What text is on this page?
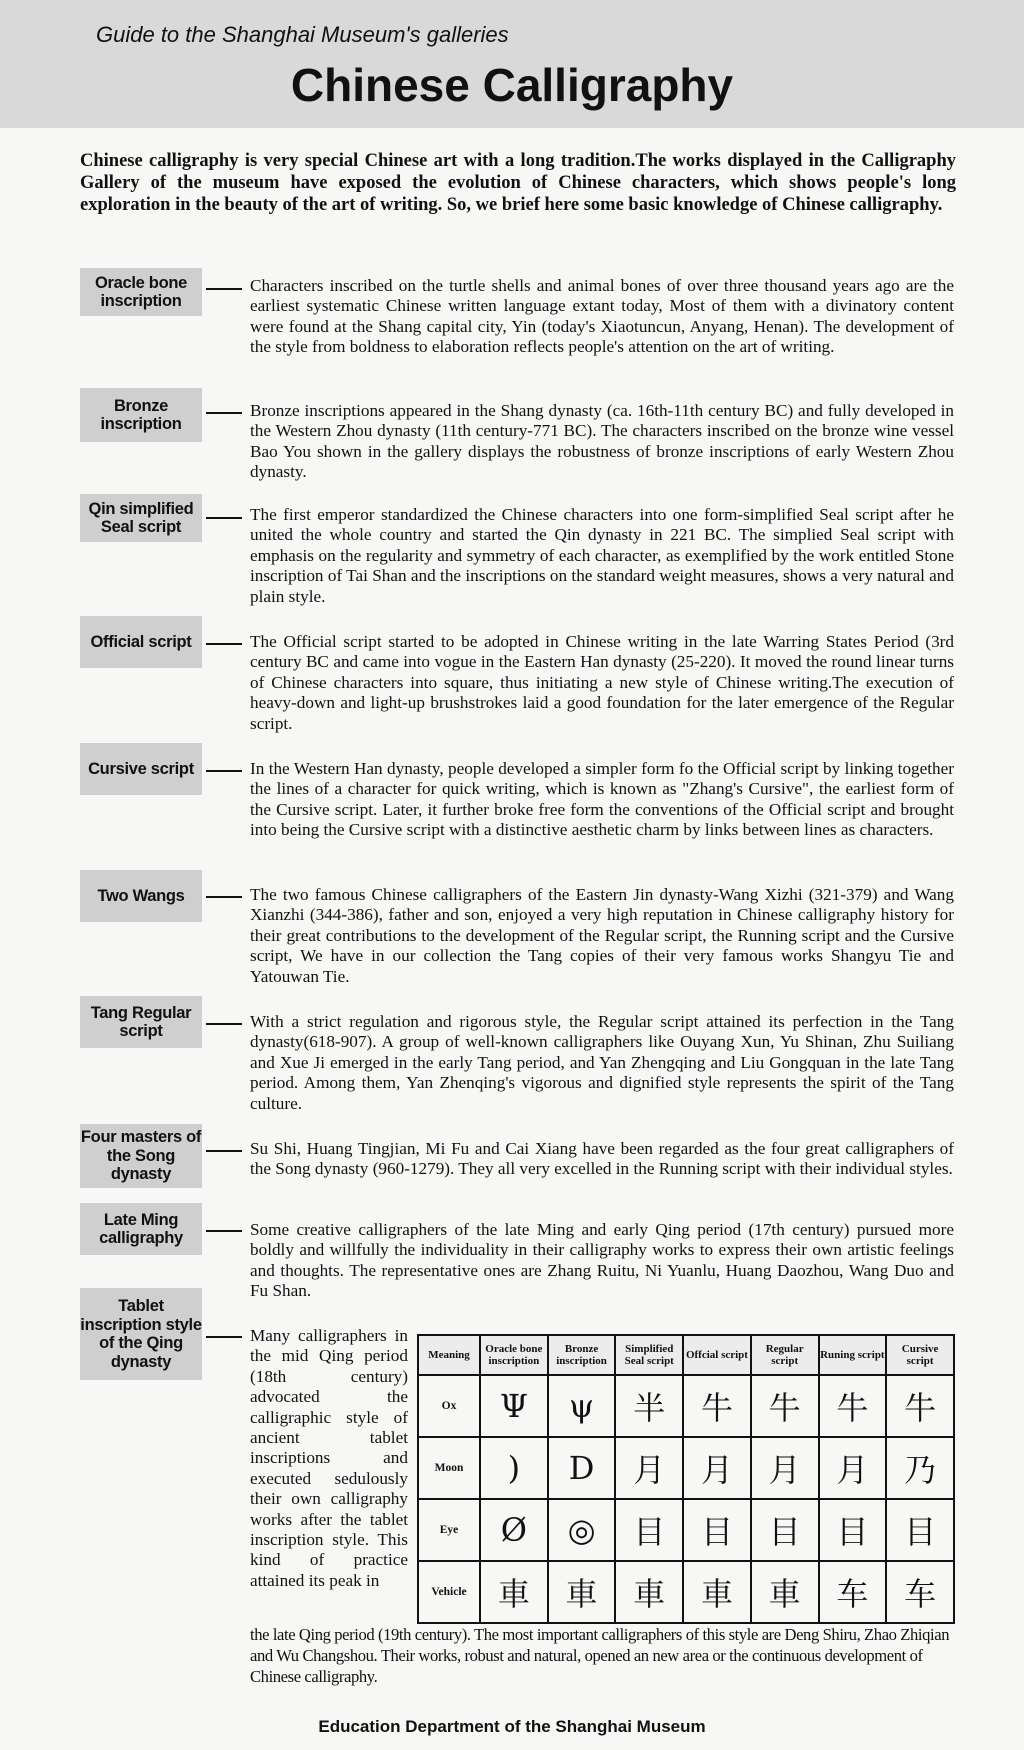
Guide to the Shanghai Museum's galleries
Chinese Calligraphy
Chinese calligraphy is very special Chinese art with a long tradition.The works displayed in the Calligraphy Gallery of the museum have exposed the evolution of Chinese characters, which shows people's long exploration in the beauty of the art of writing. So, we brief here some basic knowledge of Chinese calligraphy.
Oracle bone inscription
Characters inscribed on the turtle shells and animal bones of over three thousand years ago are the earliest systematic Chinese written language extant today, Most of them with a divinatory content were found at the Shang capital city, Yin (today's Xiaotuncun, Anyang, Henan). The development of the style from boldness to elaboration reflects people's attention on the art of writing.
Bronze inscription
Bronze inscriptions appeared in the Shang dynasty (ca. 16th-11th century BC) and fully developed in the Western Zhou dynasty (11th century-771 BC). The characters inscribed on the bronze wine vessel Bao You shown in the gallery displays the robustness of bronze inscriptions of early Western Zhou dynasty.
Qin simplified Seal script
The first emperor standardized the Chinese characters into one form-simplified Seal script after he united the whole country and started the Qin dynasty in 221 BC. The simplied Seal script with emphasis on the regularity and symmetry of each character, as exemplified by the work entitled Stone inscription of Tai Shan and the inscriptions on the standard weight measures, shows a very natural and plain style.
Official script	The Official script started to be adopted in Chinese writing in the late Warring States Period (3rd century BC and came into vogue in the Eastern Han dynasty (25-220). It moved the round linear turns of Chinese characters into square, thus initiating a new style of Chinese writing.The execution of heavy-down and light-up brushstrokes laid a good foundation for the later emergence of the Regular script.
Cursive script	In the Western Han dynasty, people developed a simpler form fo the Official script by linking together the lines of a character for quick writing, which is known as "Zhang's Cursive", the earliest form of the Cursive script. Later, it further broke free form the conventions of the Official script and brought into being the Cursive script with a distinctive aesthetic charm by links between lines as characters.
Two Wangs	The two famous Chinese calligraphers of the Eastern Jin dynasty-Wang Xizhi (321-379) and Wang Xianzhi (344-386), father and son, enjoyed a very high reputation in Chinese calligraphy history for their great contributions to the development of the Regular script, the Running script and the Cursive script, We have in our collection the Tang copies of their very famous works Shangyu Tie and Yatouwan Tie.
Tang Regular script	With a strict regulation and rigorous style, the Regular script attained its perfection in the Tang dynasty(618-907). A group of well-known calligraphers like Ouyang Xun, Yu Shinan, Zhu Suiliang and Xue Ji emerged in the early Tang period, and Yan Zhengqing and Liu Gongquan in the late Tang period. Among them, Yan Zhenqing's vigorous and dignified style represents the spirit of the Tang culture.
Four masters of the Song dynasty
Su Shi, Huang Tingjian, Mi Fu and Cai Xiang have been regarded as the four great calligraphers of the Song dynasty (960-1279). They all very excelled in the Running script with their individual styles.
Late Ming calligraphy	Some creative calligraphers of the late Ming and early Qing period (17th century) pursued more boldly and willfully the individuality in their calligraphy works to express their own artistic feelings and thoughts. The representative ones are Zhang Ruitu, Ni Yuanlu, Huang Daozhou, Wang Duo and Fu Shan.
Tablet inscription style of the Qing dynasty
Many calligraphers in the mid Qing period (18th century) advocated the calligraphic style of ancient tablet inscriptions and executed sedulously their own calligraphy works after the tablet inscription style. This kind of practice attained its peak in
Meaning	Oracle bone inscription	Bronze inscription	Simplified Seal script	Offcial script	Regular script	Runing script	Cursive script
Ox	Ψ	ψ	半	牛	牛	牛	牛
Moon	)	D	月	月	月	月	乃
Eye	Ø	◎	目	目	目	目	目
Vehicle	車	車	車	車	車	车	车
the late Qing period (19th century). The most important calligraphers of this style are Deng Shiru, Zhao Zhiqian and Wu Changshou. Their works, robust and natural, opened an new area or the continuous development of Chinese calligraphy.
Education Department of the Shanghai Museum
